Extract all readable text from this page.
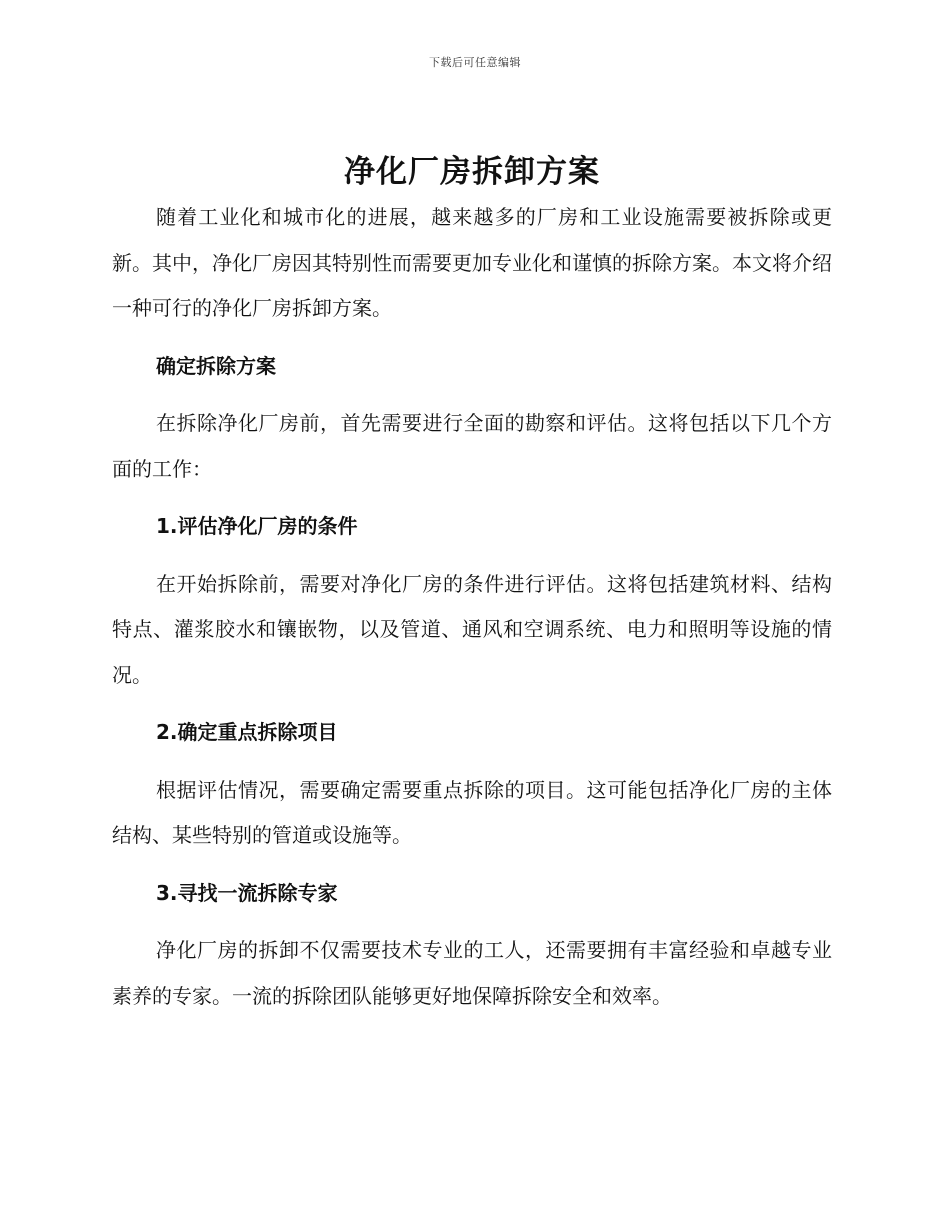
下载后可任意编辑
净化厂房拆卸方案

随着工业化和城市化的进展，越来越多的厂房和工业设施需要被拆除或更新。其中，净化厂房因其特别性而需要更加专业化和谨慎的拆除方案。本文将介绍一种可行的净化厂房拆卸方案。

确定拆除方案

在拆除净化厂房前，首先需要进行全面的勘察和评估。这将包括以下几个方面的工作：

1.评估净化厂房的条件

在开始拆除前，需要对净化厂房的条件进行评估。这将包括建筑材料、结构特点、灌浆胶水和镶嵌物，以及管道、通风和空调系统、电力和照明等设施的情况。

2.确定重点拆除项目

根据评估情况，需要确定需要重点拆除的项目。这可能包括净化厂房的主体结构、某些特别的管道或设施等。

3.寻找一流拆除专家

净化厂房的拆卸不仅需要技术专业的工人，还需要拥有丰富经验和卓越专业素养的专家。一流的拆除团队能够更好地保障拆除安全和效率。
